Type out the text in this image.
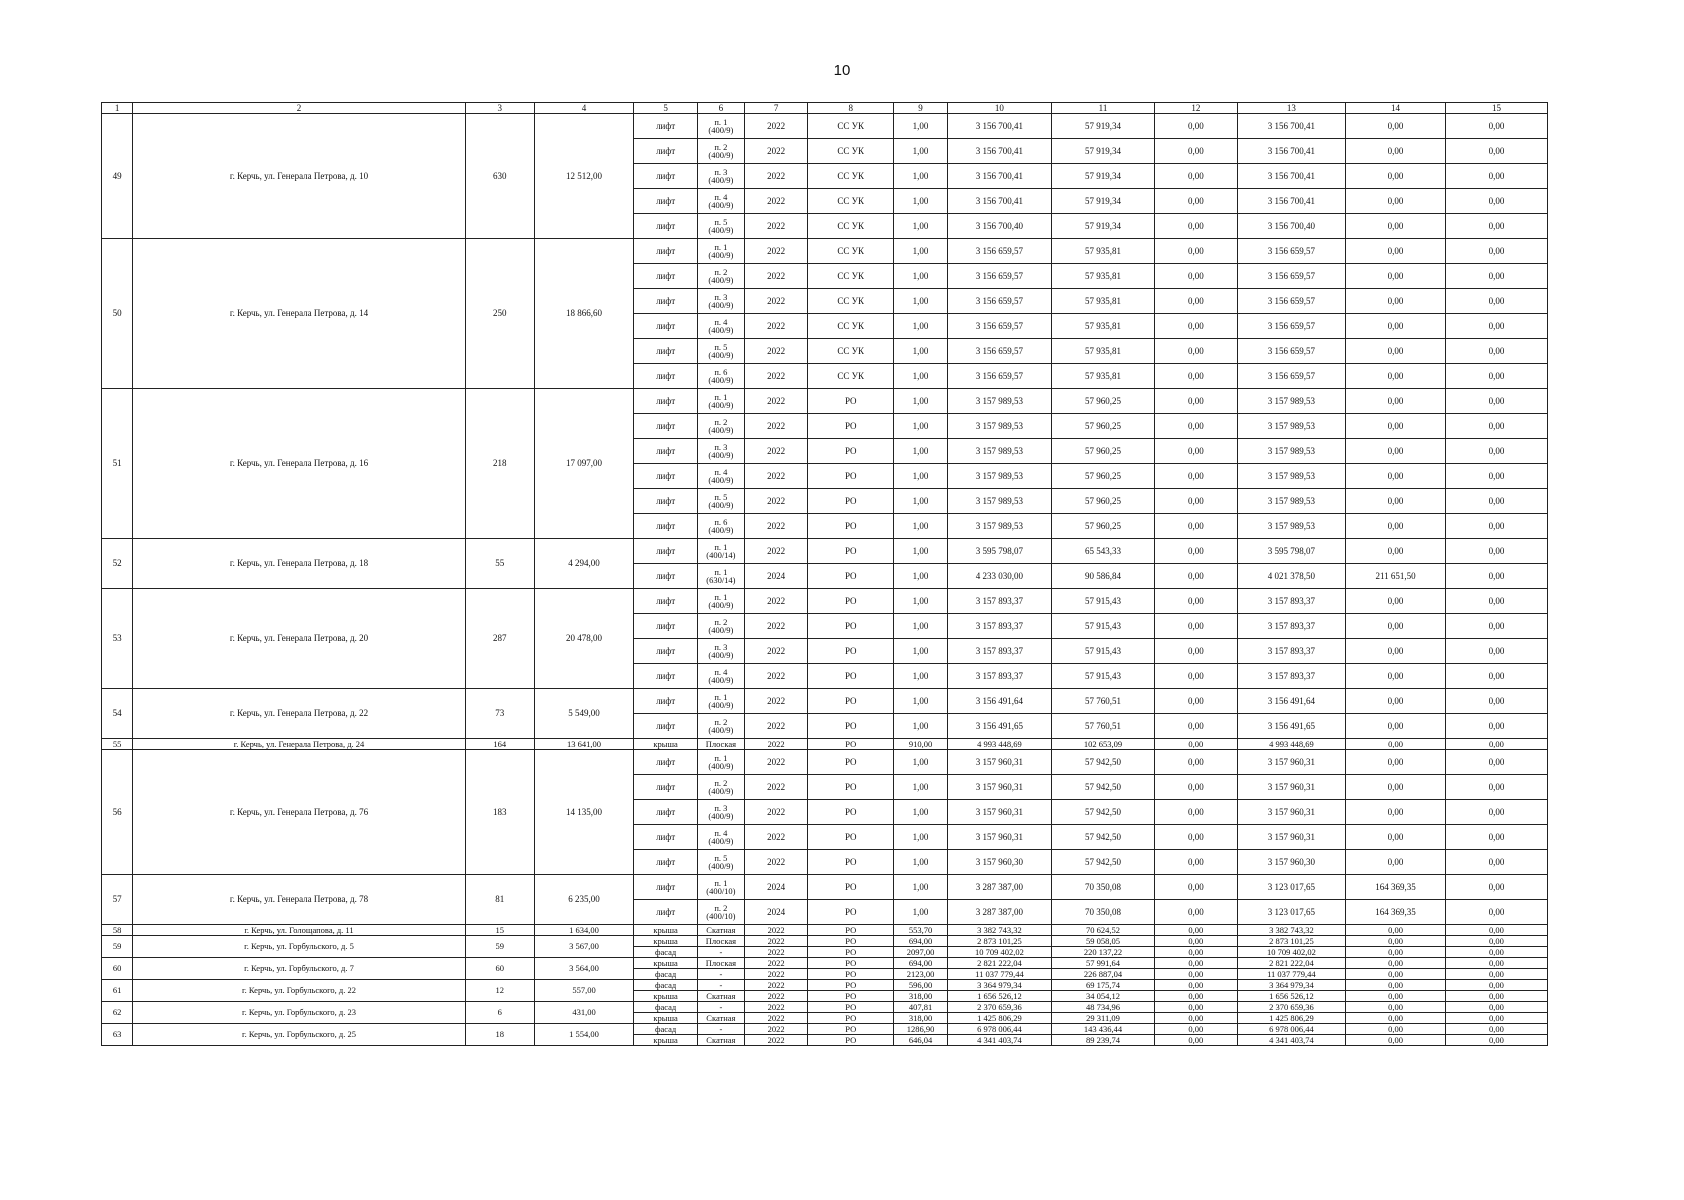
10
1	2	3	4	5	6	7	8	9	10	11	12	13	14	15
49	г. Керчь, ул. Генерала Петрова, д. 10	630	12 512,00	лифт	п. 1
(400/9)	2022	СС УК	1,00	3 156 700,41	57 919,34	0,00	3 156 700,41	0,00	0,00
				лифт	п. 2
(400/9)	2022	СС УК	1,00	3 156 700,41	57 919,34	0,00	3 156 700,41	0,00	0,00
				лифт	п. 3
(400/9)	2022	СС УК	1,00	3 156 700,41	57 919,34	0,00	3 156 700,41	0,00	0,00
				лифт	п. 4
(400/9)	2022	СС УК	1,00	3 156 700,41	57 919,34	0,00	3 156 700,41	0,00	0,00
				лифт	п. 5
(400/9)	2022	СС УК	1,00	3 156 700,40	57 919,34	0,00	3 156 700,40	0,00	0,00
50	г. Керчь, ул. Генерала Петрова, д. 14	250	18 866,60	лифт	п. 1
(400/9)	2022	СС УК	1,00	3 156 659,57	57 935,81	0,00	3 156 659,57	0,00	0,00
				лифт	п. 2
(400/9)	2022	СС УК	1,00	3 156 659,57	57 935,81	0,00	3 156 659,57	0,00	0,00
				лифт	п. 3
(400/9)	2022	СС УК	1,00	3 156 659,57	57 935,81	0,00	3 156 659,57	0,00	0,00
				лифт	п. 4
(400/9)	2022	СС УК	1,00	3 156 659,57	57 935,81	0,00	3 156 659,57	0,00	0,00
				лифт	п. 5
(400/9)	2022	СС УК	1,00	3 156 659,57	57 935,81	0,00	3 156 659,57	0,00	0,00
				лифт	п. 6
(400/9)	2022	СС УК	1,00	3 156 659,57	57 935,81	0,00	3 156 659,57	0,00	0,00
51	г. Керчь, ул. Генерала Петрова, д. 16	218	17 097,00	лифт	п. 1
(400/9)	2022	РО	1,00	3 157 989,53	57 960,25	0,00	3 157 989,53	0,00	0,00
				лифт	п. 2
(400/9)	2022	РО	1,00	3 157 989,53	57 960,25	0,00	3 157 989,53	0,00	0,00
				лифт	п. 3
(400/9)	2022	РО	1,00	3 157 989,53	57 960,25	0,00	3 157 989,53	0,00	0,00
				лифт	п. 4
(400/9)	2022	РО	1,00	3 157 989,53	57 960,25	0,00	3 157 989,53	0,00	0,00
				лифт	п. 5
(400/9)	2022	РО	1,00	3 157 989,53	57 960,25	0,00	3 157 989,53	0,00	0,00
				лифт	п. 6
(400/9)	2022	РО	1,00	3 157 989,53	57 960,25	0,00	3 157 989,53	0,00	0,00
52	г. Керчь, ул. Генерала Петрова, д. 18	55	4 294,00	лифт	п. 1
(400/14)	2022	РО	1,00	3 595 798,07	65 543,33	0,00	3 595 798,07	0,00	0,00
				лифт	п. 1
(630/14)	2024	РО	1,00	4 233 030,00	90 586,84	0,00	4 021 378,50	211 651,50	0,00
53	г. Керчь, ул. Генерала Петрова, д. 20	287	20 478,00	лифт	п. 1
(400/9)	2022	РО	1,00	3 157 893,37	57 915,43	0,00	3 157 893,37	0,00	0,00
				лифт	п. 2
(400/9)	2022	РО	1,00	3 157 893,37	57 915,43	0,00	3 157 893,37	0,00	0,00
				лифт	п. 3
(400/9)	2022	РО	1,00	3 157 893,37	57 915,43	0,00	3 157 893,37	0,00	0,00
				лифт	п. 4
(400/9)	2022	РО	1,00	3 157 893,37	57 915,43	0,00	3 157 893,37	0,00	0,00
54	г. Керчь, ул. Генерала Петрова, д. 22	73	5 549,00	лифт	п. 1
(400/9)	2022	РО	1,00	3 156 491,64	57 760,51	0,00	3 156 491,64	0,00	0,00
				лифт	п. 2
(400/9)	2022	РО	1,00	3 156 491,65	57 760,51	0,00	3 156 491,65	0,00	0,00
55	г. Керчь, ул. Генерала Петрова, д. 24	164	13 641,00	крыша	Плоская	2022	РО	910,00	4 993 448,69	102 653,09	0,00	4 993 448,69	0,00	0,00
56	г. Керчь, ул. Генерала Петрова, д. 76	183	14 135,00	лифт	п. 1
(400/9)	2022	РО	1,00	3 157 960,31	57 942,50	0,00	3 157 960,31	0,00	0,00
				лифт	п. 2
(400/9)	2022	РО	1,00	3 157 960,31	57 942,50	0,00	3 157 960,31	0,00	0,00
				лифт	п. 3
(400/9)	2022	РО	1,00	3 157 960,31	57 942,50	0,00	3 157 960,31	0,00	0,00
				лифт	п. 4
(400/9)	2022	РО	1,00	3 157 960,31	57 942,50	0,00	3 157 960,31	0,00	0,00
				лифт	п. 5
(400/9)	2022	РО	1,00	3 157 960,30	57 942,50	0,00	3 157 960,30	0,00	0,00
57	г. Керчь, ул. Генерала Петрова, д. 78	81	6 235,00	лифт	п. 1
(400/10)	2024	РО	1,00	3 287 387,00	70 350,08	0,00	3 123 017,65	164 369,35	0,00
				лифт	п. 2
(400/10)	2024	РО	1,00	3 287 387,00	70 350,08	0,00	3 123 017,65	164 369,35	0,00
58	г. Керчь, ул. Голощапова, д. 11	15	1 634,00	крыша	Скатная	2022	РО	553,70	3 382 743,32	70 624,52	0,00	3 382 743,32	0,00	0,00
59	г. Керчь, ул. Горбульского, д. 5	59	3 567,00	крыша	Плоская	2022	РО	694,00	2 873 101,25	59 058,05	0,00	2 873 101,25	0,00	0,00
				фасад	-	2022	РО	2097,00	10 709 402,02	220 137,22	0,00	10 709 402,02	0,00	0,00
60	г. Керчь, ул. Горбульского, д. 7	60	3 564,00	крыша	Плоская	2022	РО	694,00	2 821 222,04	57 991,64	0,00	2 821 222,04	0,00	0,00
				фасад	-	2022	РО	2123,00	11 037 779,44	226 887,04	0,00	11 037 779,44	0,00	0,00
61	г. Керчь, ул. Горбульского, д. 22	12	557,00	фасад	-	2022	РО	596,00	3 364 979,34	69 175,74	0,00	3 364 979,34	0,00	0,00
				крыша	Скатная	2022	РО	318,00	1 656 526,12	34 054,12	0,00	1 656 526,12	0,00	0,00
62	г. Керчь, ул. Горбульского, д. 23	6	431,00	фасад	-	2022	РО	407,81	2 370 659,36	48 734,96	0,00	2 370 659,36	0,00	0,00
				крыша	Скатная	2022	РО	318,00	1 425 806,29	29 311,09	0,00	1 425 806,29	0,00	0,00
63	г. Керчь, ул. Горбульского, д. 25	18	1 554,00	фасад	-	2022	РО	1286,90	6 978 006,44	143 436,44	0,00	6 978 006,44	0,00	0,00
				крыша	Скатная	2022	РО	646,04	4 341 403,74	89 239,74	0,00	4 341 403,74	0,00	0,00
